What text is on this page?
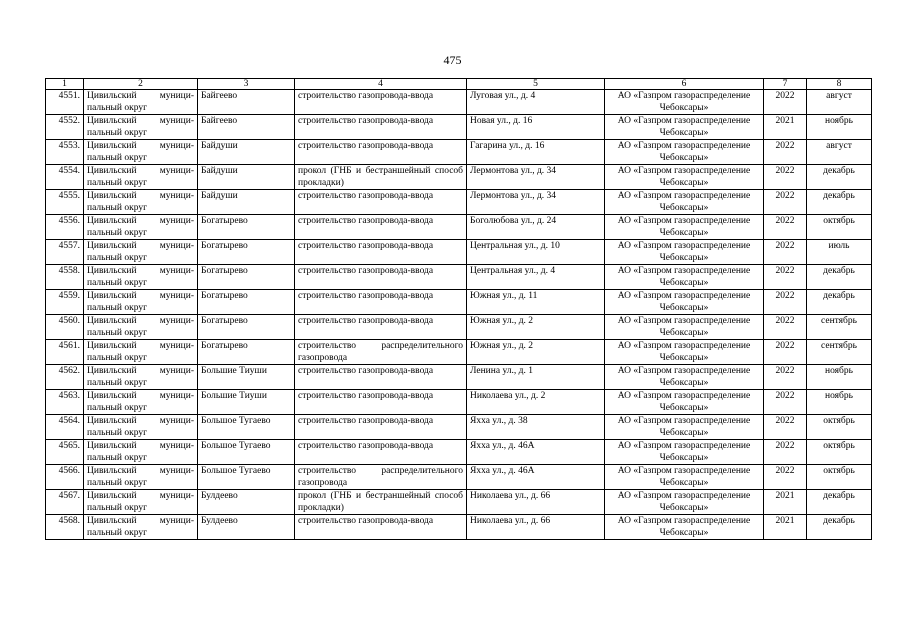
475
1	2	3	4	5	6	7	8
4551.	Цивильский муници-пальный округ	Байгеево	строительство газопровода-ввода	Луговая ул., д. 4	АО «Газпром газораспределение Чебоксары»	2022	август
4552.	Цивильский муници-пальный округ	Байгеево	строительство газопровода-ввода	Новая ул., д. 16	АО «Газпром газораспределение Чебоксары»	2021	ноябрь
4553.	Цивильский муници-пальный округ	Байдуши	строительство газопровода-ввода	Гагарина ул., д. 16	АО «Газпром газораспределение Чебоксары»	2022	август
4554.	Цивильский муници-пальный округ	Байдуши	прокол (ГНБ и бестраншейный способ прокладки)	Лермонтова ул., д. 34	АО «Газпром газораспределение Чебоксары»	2022	декабрь
4555.	Цивильский муници-пальный округ	Байдуши	строительство газопровода-ввода	Лермонтова ул., д. 34	АО «Газпром газораспределение Чебоксары»	2022	декабрь
4556.	Цивильский муници-пальный округ	Богатырево	строительство газопровода-ввода	Боголюбова ул., д. 24	АО «Газпром газораспределение Чебоксары»	2022	октябрь
4557.	Цивильский муници-пальный округ	Богатырево	строительство газопровода-ввода	Центральная ул., д. 10	АО «Газпром газораспределение Чебоксары»	2022	июль
4558.	Цивильский муници-пальный округ	Богатырево	строительство газопровода-ввода	Центральная ул., д. 4	АО «Газпром газораспределение Чебоксары»	2022	декабрь
4559.	Цивильский муници-пальный округ	Богатырево	строительство газопровода-ввода	Южная ул., д. 11	АО «Газпром газораспределение Чебоксары»	2022	декабрь
4560.	Цивильский муници-пальный округ	Богатырево	строительство газопровода-ввода	Южная ул., д. 2	АО «Газпром газораспределение Чебоксары»	2022	сентябрь
4561.	Цивильский муници-пальный округ	Богатырево	строительство распределительного газопровода	Южная ул., д. 2	АО «Газпром газораспределение Чебоксары»	2022	сентябрь
4562.	Цивильский муници-пальный округ	Большие Тиуши	строительство газопровода-ввода	Ленина ул., д. 1	АО «Газпром газораспределение Чебоксары»	2022	ноябрь
4563.	Цивильский муници-пальный округ	Большие Тиуши	строительство газопровода-ввода	Николаева ул., д. 2	АО «Газпром газораспределение Чебоксары»	2022	ноябрь
4564.	Цивильский муници-пальный округ	Большое Тугаево	строительство газопровода-ввода	Яхха ул., д. 38	АО «Газпром газораспределение Чебоксары»	2022	октябрь
4565.	Цивильский муници-пальный округ	Большое Тугаево	строительство газопровода-ввода	Яхха ул., д. 46А	АО «Газпром газораспределение Чебоксары»	2022	октябрь
4566.	Цивильский муници-пальный округ	Большое Тугаево	строительство распределительного газопровода	Яхха ул., д. 46А	АО «Газпром газораспределение Чебоксары»	2022	октябрь
4567.	Цивильский муници-пальный округ	Булдеево	прокол (ГНБ и бестраншейный способ прокладки)	Николаева ул., д. 66	АО «Газпром газораспределение Чебоксары»	2021	декабрь
4568.	Цивильский муници-пальный округ	Булдеево	строительство газопровода-ввода	Николаева ул., д. 66	АО «Газпром газораспределение Чебоксары»	2021	декабрь
